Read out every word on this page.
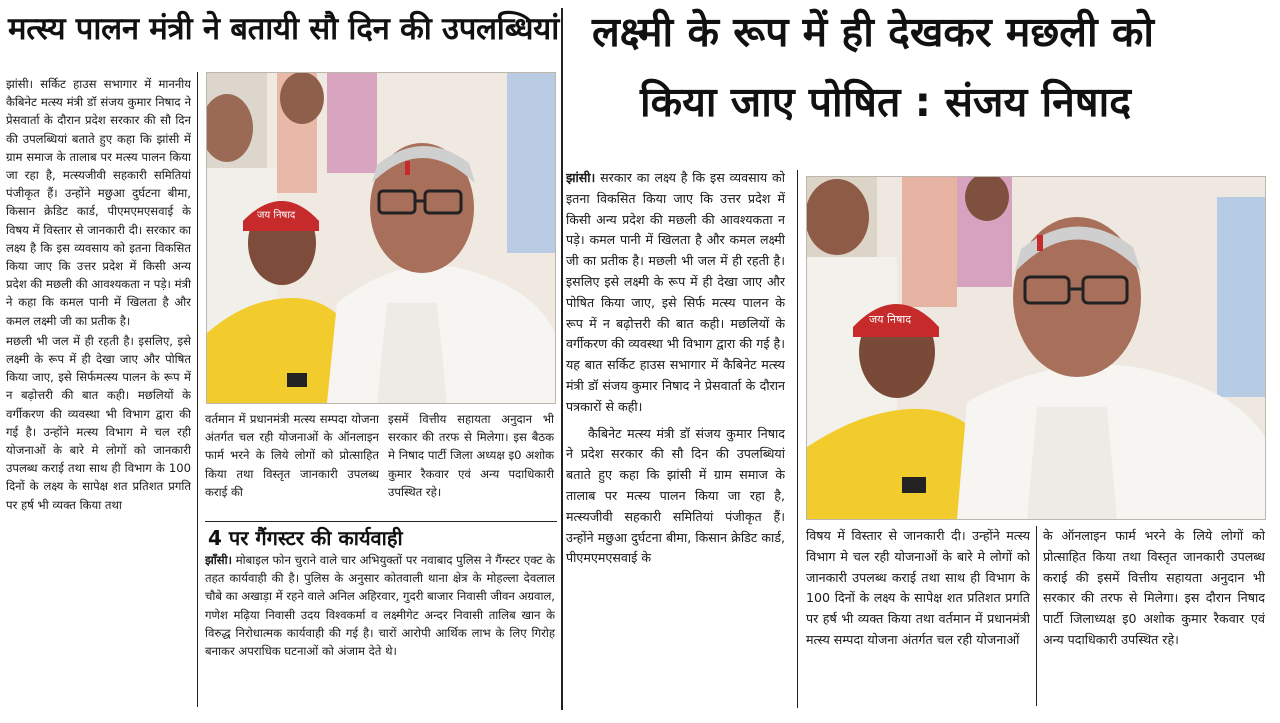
मत्स्य पालन मंत्री ने बतायी सौ दिन की उपलब्धियां

झांसी। सर्किट हाउस सभागार में माननीय कैबिनेट मत्स्य मंत्री डॉ संजय कुमार निषाद ने प्रेसवार्ता के दौरान प्रदेश सरकार की सौ दिन की उपलब्धियां बताते हुए कहा कि झांसी में ग्राम समाज के तालाब पर मत्स्य पालन किया जा रहा है, मत्स्यजीवी सहकारी समितियां पंजीकृत हैं। उन्होंने मछुआ दुर्घटना बीमा, किसान क्रेडिट कार्ड, पीएमएमएसवाई के विषय में विस्तार से जानकारी दी। सरकार का लक्ष्य है कि इस व्यवसाय को इतना विकसित किया जाए कि उत्तर प्रदेश में किसी अन्य प्रदेश की मछली की आवश्यकता न पड़े। मंत्री ने कहा कि कमल पानी में खिलता है और कमल लक्ष्मी जी का प्रतीक है।

मछली भी जल में ही रहती है। इसलिए, इसे लक्ष्मी के रूप में ही देखा जाए और पोषित किया जाए, इसे सिर्फमत्स्य पालन के रूप में न बढ़ोत्तरी की बात कही। मछलियों के वर्गीकरण की व्यवस्था भी विभाग द्वारा की गई है। उन्होंने मत्स्य विभाग मे चल रही योजनाओं के बारे मे लोगों को जानकारी उपलब्ध कराई तथा साथ ही विभाग के 100 दिनों के लक्ष्य के सापेक्ष शत प्रतिशत प्रगति पर हर्ष भी व्यक्त किया तथा

जय निषाद
वर्तमान में प्रधानमंत्री मत्स्य सम्पदा योजना अंतर्गत चल रही योजनाओं के ऑनलाइन फार्म भरने के लिये लोगों को प्रोत्साहित किया तथा विस्तृत जानकारी उपलब्ध कराई की
इसमें वित्तीय सहायता अनुदान भी सरकार की तरफ से मिलेगा। इस बैठक मे निषाद पार्टी जिला अध्यक्ष इ0 अशोक कुमार रैकवार एवं अन्य पदाधिकारी उपस्थित रहे।
4 पर गैंगस्टर की कार्यवाही
झाँसी। मोबाइल फोन चुराने वाले चार अभियुक्तों पर नवाबाद पुलिस ने गैंग्स्टर एक्ट के तहत कार्यवाही की है। पुलिस के अनुसार कोतवाली थाना क्षेत्र के मोहल्ला देवलाल चौबे का अखाड़ा में रहने वाले अनिल अहिरवार, गुदरी बाजार निवासी जीवन अग्रवाल, गणेश मढ़िया निवासी उदय विश्वकर्मा व लक्ष्मीगेट अन्दर निवासी तालिब खान के विरुद्ध निरोधात्मक कार्यवाही की गई है। चारों आरोपी आर्थिक लाभ के लिए गिरोह बनाकर अपराधिक घटनाओं को अंजाम देते थे।
लक्ष्मी के रूप में ही देखकर मछली को
किया जाए पोषित : संजय निषाद

झांसी। सरकार का लक्ष्य है कि इस व्यवसाय को इतना विकसित किया जाए कि उत्तर प्रदेश में किसी अन्य प्रदेश की मछली की आवश्यकता न पड़े। कमल पानी में खिलता है और कमल लक्ष्मी जी का प्रतीक है। मछली भी जल में ही रहती है। इसलिए इसे लक्ष्मी के रूप में ही देखा जाए और पोषित किया जाए, इसे सिर्फ मत्स्य पालन के रूप में न बढ़ोत्तरी की बात कही। मछलियों के वर्गीकरण की व्यवस्था भी विभाग द्वारा की गई है। यह बात सर्किट हाउस सभागार में कैबिनेट मत्स्य मंत्री डॉ संजय कुमार निषाद ने प्रेसवार्ता के दौरान पत्रकारों से कही।

कैबिनेट मत्स्य मंत्री डॉ संजय कुमार निषाद ने प्रदेश सरकार की सौ दिन की उपलब्धियां बताते हुए कहा कि झांसी में ग्राम समाज के तालाब पर मत्स्य पालन किया जा रहा है, मत्स्यजीवी सहकारी समितियां पंजीकृत हैं। उन्होंने मछुआ दुर्घटना बीमा, किसान क्रेडिट कार्ड, पीएमएमएसवाई के

जय निषाद
विषय में विस्तार से जानकारी दी। उन्होंने मत्स्य विभाग मे चल रही योजनाओं के बारे मे लोगों को जानकारी उपलब्ध कराई तथा साथ ही विभाग के 100 दिनों के लक्ष्य के सापेक्ष शत प्रतिशत प्रगति पर हर्ष भी व्यक्त किया तथा वर्तमान में प्रधानमंत्री मत्स्य सम्पदा योजना अंतर्गत चल रही योजनाओं
के ऑनलाइन फार्म भरने के लिये लोगों को प्रोत्साहित किया तथा विस्तृत जानकारी उपलब्ध कराई की इसमें वित्तीय सहायता अनुदान भी सरकार की तरफ से मिलेगा। इस दौरान निषाद पार्टी जिलाध्यक्ष इ0 अशोक कुमार रैकवार एवं अन्य पदाधिकारी उपस्थित रहे।
